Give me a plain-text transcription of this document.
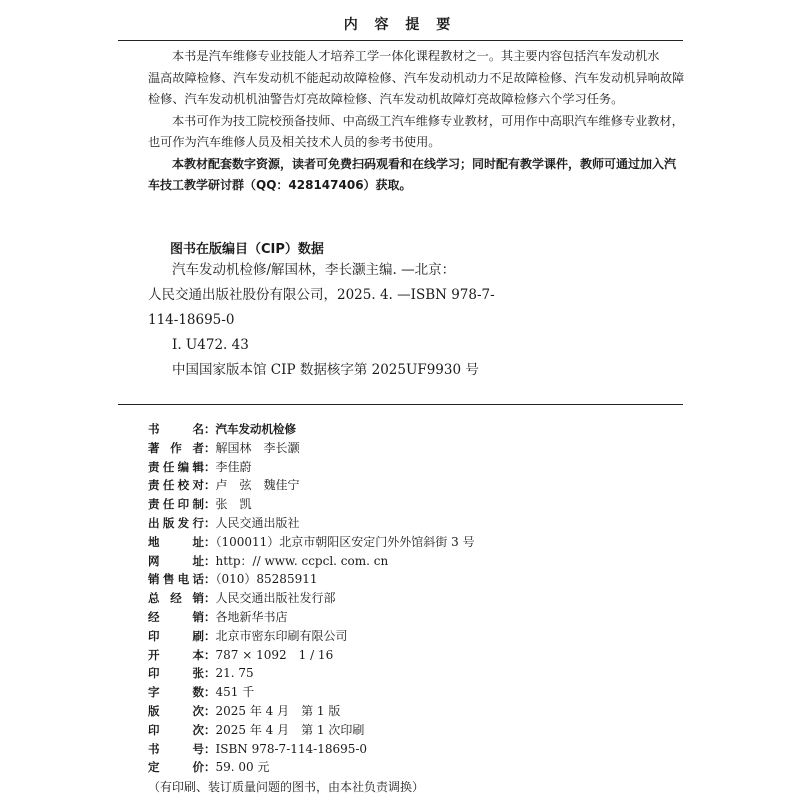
内 容 提 要
本书是汽车维修专业技能人才培养工学一体化课程教材之一。其主要内容包括汽车发动机水
温高故障检修、汽车发动机不能起动故障检修、汽车发动机动力不足故障检修、汽车发动机异响故障
检修、汽车发动机机油警告灯亮故障检修、汽车发动机故障灯亮故障检修六个学习任务。
本书可作为技工院校预备技师、中高级工汽车维修专业教材，可用作中高职汽车维修专业教材，
也可作为汽车维修人员及相关技术人员的参考书使用。
本教材配套数字资源，读者可免费扫码观看和在线学习；同时配有教学课件，教师可通过加入汽
车技工教学研讨群（QQ：428147406）获取。
图书在版编目（CIP）数据
汽车发动机检修/解国林，李长灏主编. —北京：
人民交通出版社股份有限公司，2025. 4. —ISBN 978-7-
114-18695-0
Ⅰ. U472. 43
中国国家版本馆 CIP 数据核字第 2025UF9930 号
书名：汽车发动机检修
著作者：解国林　李长灏
责任编辑：李佳蔚
责任校对：卢　弦　魏佳宁
责任印制：张　凯
出版发行：人民交通出版社
地址：（100011）北京市朝阳区安定门外外馆斜街 3 号
网址：http：// www. ccpcl. com. cn
销售电话：（010）85285911
总经销：人民交通出版社发行部
经销：各地新华书店
印刷：北京市密东印刷有限公司
开本：787 × 1092　1 / 16
印张：21. 75
字数：451 千
版次：2025 年 4 月　第 1 版
印次：2025 年 4 月　第 1 次印刷
书号：ISBN 978-7-114-18695-0
定价：59. 00 元
（有印刷、装订质量问题的图书，由本社负责调换）
